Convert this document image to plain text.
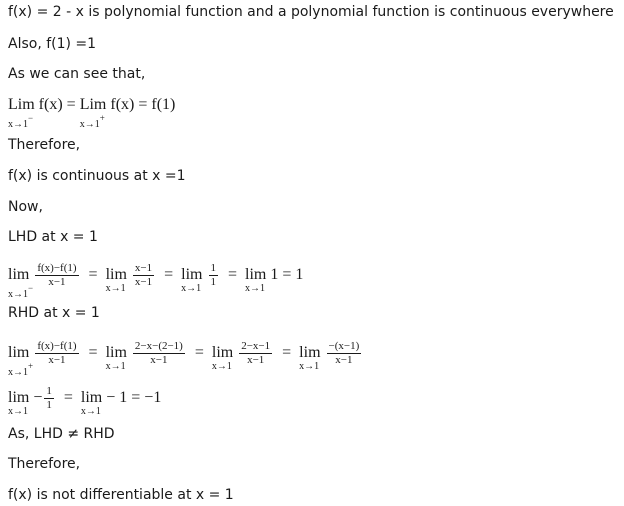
f(x) = 2 - x is polynomial function and a polynomial function is continuous everywhere
Also, f(1) =1
As we can see that,
Lim
x→1−
f(x) = Lim
x→1+
f(x) = f(1)
Therefore,
f(x) is continuous at x =1
Now,
LHD at x = 1
lim
x→1−
$\frac{f(x)-f(1)}{x-1} = \lim$
x→1
$\frac{x-1}{x-1} = \lim$
x→1
$\frac{1}{1} = \lim$
x→1
1 = 1
RHD at x = 1
lim
x→1+
$\frac{f(x)-f(1)}{x-1} = \lim$
x→1
$\frac{2-x-(2-1)}{x-1} = \lim$
x→1
$\frac{2-x-1}{x-1} = \lim$
x→1
$\frac{-(x-1)}{x-1}$
lim
x→1
− $\frac{1}{1} = \lim$
x→1
− 1 = −1
As, LHD ≠ RHD
Therefore,
f(x) is not differentiable at x = 1
